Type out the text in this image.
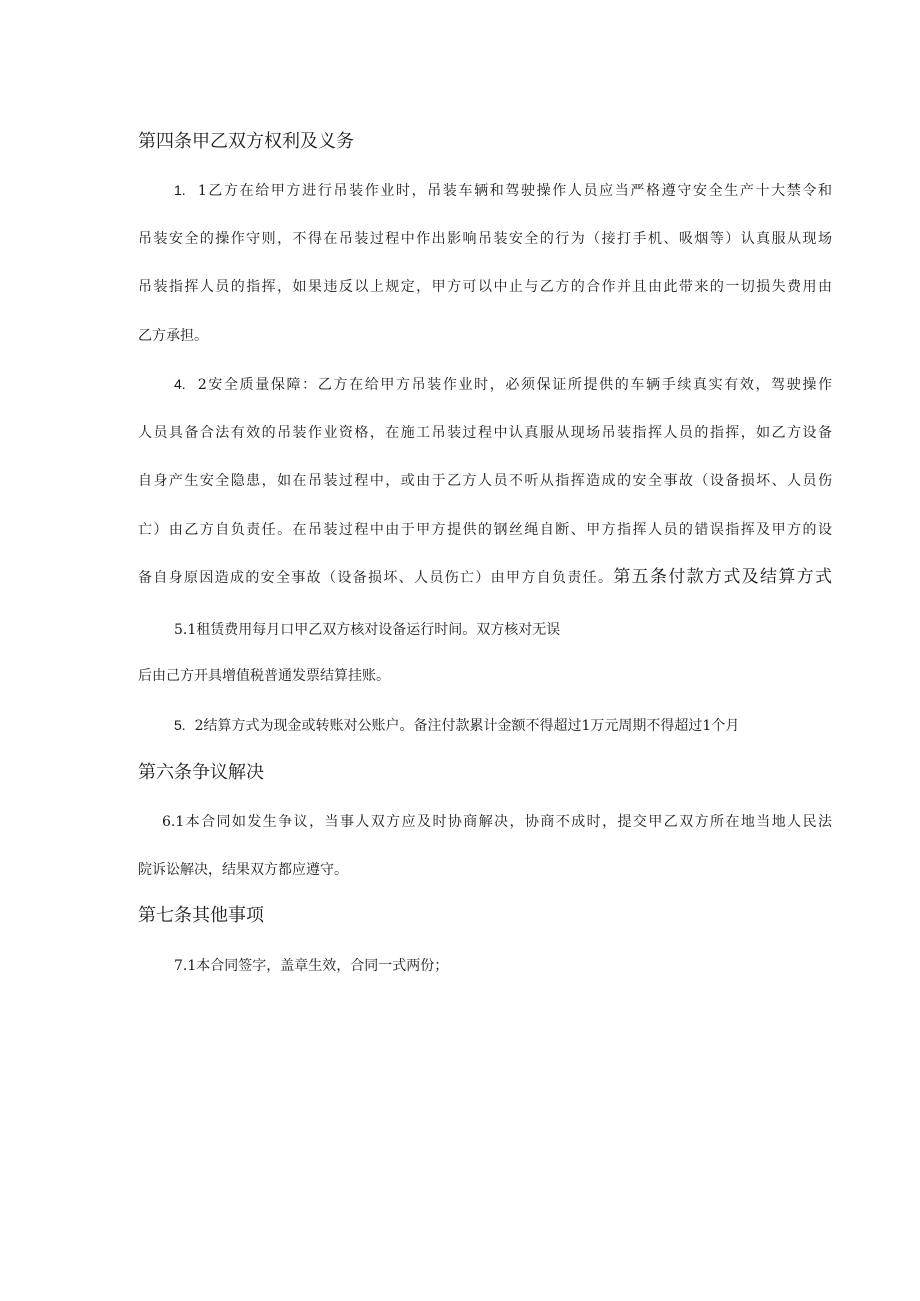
第四条甲乙双方权利及义务
1. 1乙方在给甲方进行吊装作业时，吊装车辆和驾驶操作人员应当严格遵守安全生产十大禁令和
吊装安全的操作守则，不得在吊装过程中作出影响吊装安全的行为（接打手机、吸烟等）认真服从现场
吊装指挥人员的指挥，如果违反以上规定，甲方可以中止与乙方的合作并且由此带来的一切损失费用由
乙方承担。
4. 2安全质量保障：乙方在给甲方吊装作业时，必须保证所提供的车辆手续真实有效，驾驶操作
人员具备合法有效的吊装作业资格，在施工吊装过程中认真服从现场吊装指挥人员的指挥，如乙方设备
自身产生安全隐患，如在吊装过程中，或由于乙方人员不听从指挥造成的安全事故（设备损坏、人员伤
亡）由乙方自负责任。在吊装过程中由于甲方提供的钢丝绳自断、甲方指挥人员的错误指挥及甲方的设
备自身原因造成的安全事故（设备损坏、人员伤亡）由甲方自负责任。第五条付款方式及结算方式
5.1租赁费用每月口甲乙双方核对设备运行时间。双方核对无误
后由己方开具增值税普通发票结算挂账。
5. 2结算方式为现金或转账对公账户。备注付款累计金额不得超过1万元周期不得超过1个月
第六条争议解决
6.1本合同如发生争议，当事人双方应及时协商解决，协商不成时，提交甲乙双方所在地当地人民法
院诉讼解决，结果双方都应遵守。
第七条其他事项
7.1本合同签字，盖章生效，合同一式两份；
